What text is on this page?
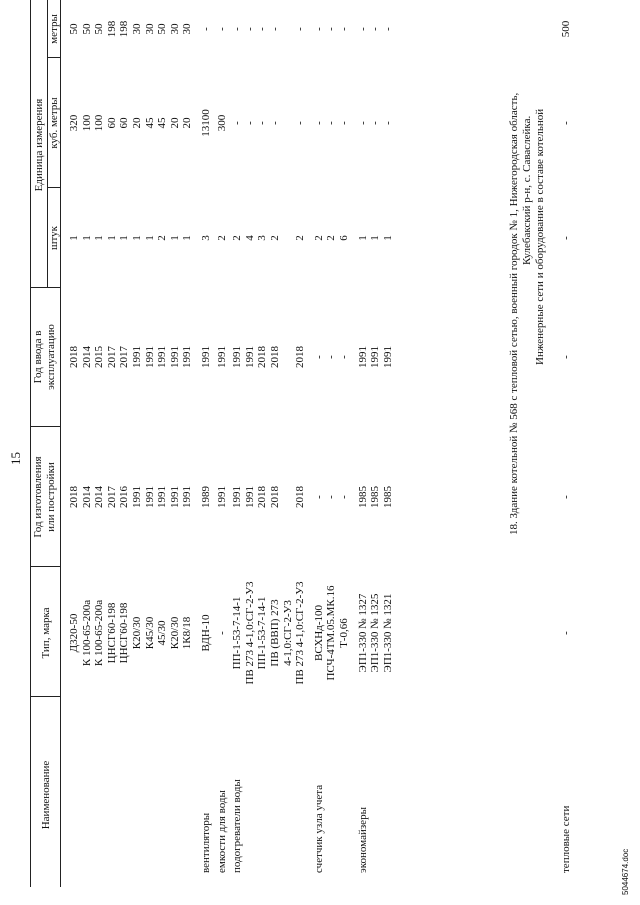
15
Наименование
Тип, марка
Год изготовления или постройки
Год ввода в эксплуатацию
Единица измерения
штук
куб. метры
метры
Д320-50
2018
2018
1
320
50
К 100-65-200а
2014
2014
1
100
50
К 100-65-200а
2014
2015
1
100
50
ЦНСГ60-198
2017
2017
1
60
198
ЦНСГ60-198
2016
2017
1
60
198
К20/30
1991
1991
1
20
30
К45/30
1991
1991
1
45
30
45/30
1991
1991
2
45
50
К20/30
1991
1991
1
20
30
1К8/18
1991
1991
1
20
30
вентиляторы
ВДН-10
1989
1991
3
13100
-
емкости для воды
-
1991
1991
2
300
-
подогреватели воды
ПП-1-53-7-14-1
1991
1991
2
-
-
ПВ 273 4-1,0:СГ-2-У3
1991
1991
4
-
-
ПП-1-53-7-14-1
2018
2018
3
-
-
ПВ (ВВП) 273
2018
2018
2
-
-
4-1,0:СГ-2-У3 ПВ 273 4-1,0:СГ-2-У3
2018
2018
2
-
-
счетчик узла учета
ВСХНд-100
-
-
2
-
-
ПСЧ-4ТМ.05.МК.16
-
-
2
-
-
Т-0,66
-
-
6
-
-
экономайзеры
ЭП1-330 № 1327
1985
1991
1
-
-
ЭП1-330 № 1325
1985
1991
1
-
-
ЭП1-330 № 1321
1985
1991
1
-
-
18. Здание котельной № 568 с тепловой сетью, военный городок № 1, Нижегородская область, Кулебакский р-н, с. Саваслейка. Инженерные сети и оборудование в составе котельной
тепловые сети
-
-
-
-
-
500
5044674.doc
